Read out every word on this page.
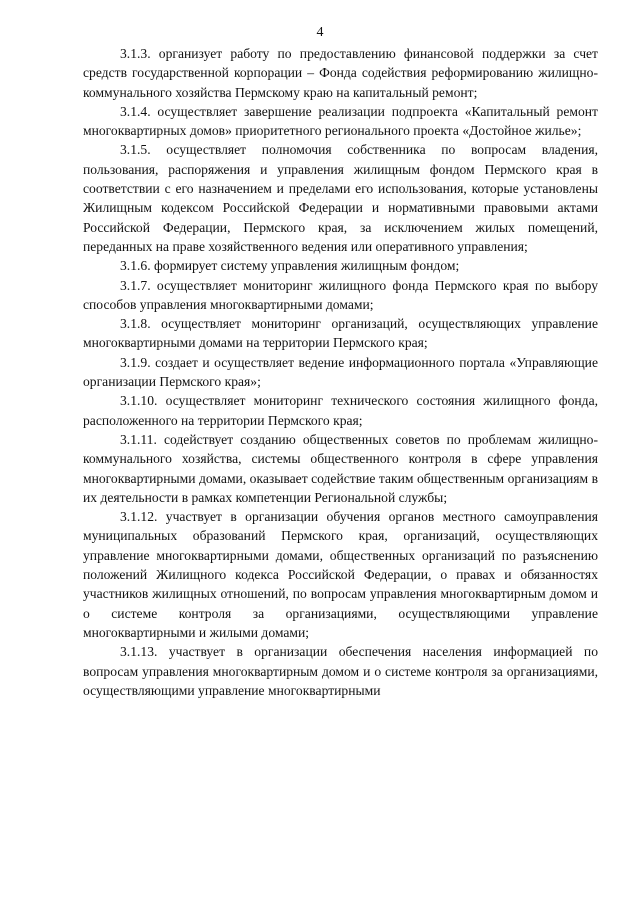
4

3.1.3. организует работу по предоставлению финансовой поддержки за счет средств государственной корпорации – Фонда содействия реформированию жилищно-коммунального хозяйства Пермскому краю на капитальный ремонт;

3.1.4. осуществляет завершение реализации подпроекта «Капитальный ремонт многоквартирных домов» приоритетного регионального проекта «Достойное жилье»;

3.1.5. осуществляет полномочия собственника по вопросам владения, пользования, распоряжения и управления жилищным фондом Пермского края в соответствии с его назначением и пределами его использования, которые установлены Жилищным кодексом Российской Федерации и нормативными правовыми актами Российской Федерации, Пермского края, за исключением жилых помещений, переданных на праве хозяйственного ведения или оперативного управления;

3.1.6. формирует систему управления жилищным фондом;

3.1.7. осуществляет мониторинг жилищного фонда Пермского края по выбору способов управления многоквартирными домами;

3.1.8. осуществляет мониторинг организаций, осуществляющих управление многоквартирными домами на территории Пермского края;

3.1.9. создает и осуществляет ведение информационного портала «Управляющие организации Пермского края»;

3.1.10. осуществляет мониторинг технического состояния жилищного фонда, расположенного на территории Пермского края;

3.1.11. содействует созданию общественных советов по проблемам жилищно-коммунального хозяйства, системы общественного контроля в сфере управления многоквартирными домами, оказывает содействие таким общественным организациям в их деятельности в рамках компетенции Региональной службы;

3.1.12. участвует в организации обучения органов местного самоуправления муниципальных образований Пермского края, организаций, осуществляющих управление многоквартирными домами, общественных организаций по разъяснению положений Жилищного кодекса Российской Федерации, о правах и обязанностях участников жилищных отношений, по вопросам управления многоквартирным домом и о системе контроля за организациями, осуществляющими управление многоквартирными и жилыми домами;

3.1.13. участвует в организации обеспечения населения информацией по вопросам управления многоквартирным домом и о системе контроля за организациями, осуществляющими управление многоквартирными
